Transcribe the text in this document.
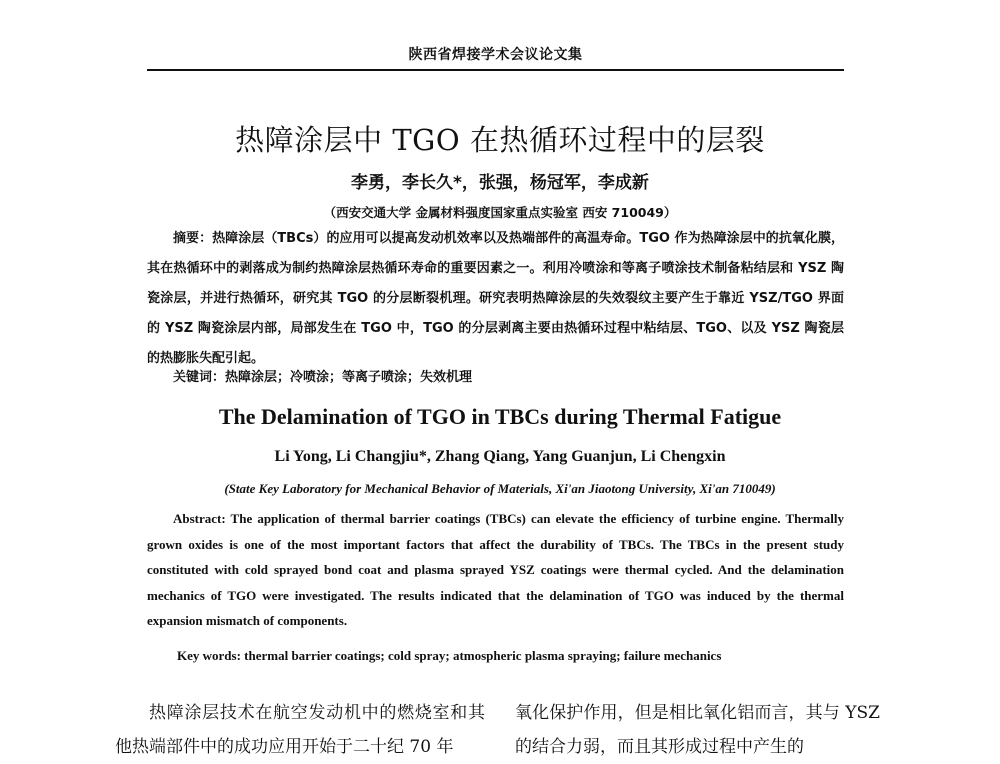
陕西省焊接学术会议论文集
热障涂层中 TGO 在热循环过程中的层裂
李勇，李长久*，张强，杨冠军，李成新
（西安交通大学 金属材料强度国家重点实验室 西安 710049）
摘要：热障涂层（TBCs）的应用可以提高发动机效率以及热端部件的高温寿命。TGO 作为热障涂层中的抗氧化膜，其在热循环中的剥落成为制约热障涂层热循环寿命的重要因素之一。利用冷喷涂和等离子喷涂技术制备粘结层和 YSZ 陶瓷涂层，并进行热循环，研究其 TGO 的分层断裂机理。研究表明热障涂层的失效裂纹主要产生于靠近 YSZ/TGO 界面的 YSZ 陶瓷涂层内部，局部发生在 TGO 中，TGO 的分层剥离主要由热循环过程中粘结层、TGO、以及 YSZ 陶瓷层的热膨胀失配引起。
关键词：热障涂层；冷喷涂；等离子喷涂；失效机理
The Delamination of TGO in TBCs during Thermal Fatigue
Li Yong, Li Changjiu*, Zhang Qiang, Yang Guanjun, Li Chengxin
(State Key Laboratory for Mechanical Behavior of Materials, Xi'an Jiaotong University, Xi'an 710049)
Abstract: The application of thermal barrier coatings (TBCs) can elevate the efficiency of turbine engine. Thermally grown oxides is one of the most important factors that affect the durability of TBCs. The TBCs in the present study constituted with cold sprayed bond coat and plasma sprayed YSZ coatings were thermal cycled. And the delamination mechanics of TGO were investigated. The results indicated that the delamination of TGO was induced by the thermal expansion mismatch of components.
Key words: thermal barrier coatings; cold spray; atmospheric plasma spraying; failure mechanics
热障涂层技术在航空发动机中的燃烧室和其他热端部件中的成功应用开始于二十纪 70 年
氧化保护作用，但是相比氧化铝而言，其与 YSZ 的结合力弱，而且其形成过程中产生的
